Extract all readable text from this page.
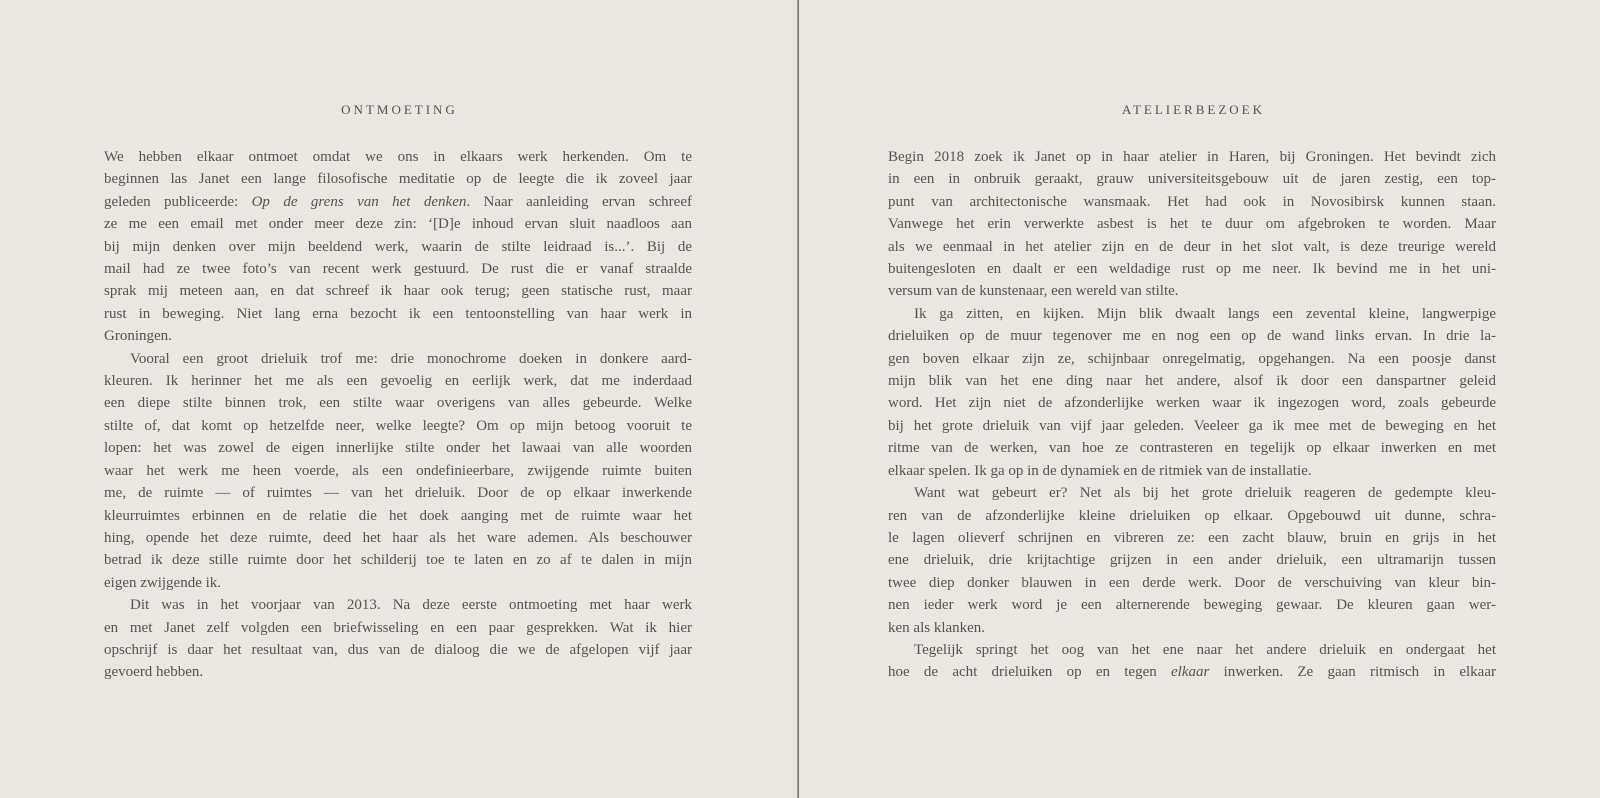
ONTMOETING
We hebben elkaar ontmoet omdat we ons in elkaars werk herkenden. Om te
beginnen las Janet een lange filosofische meditatie op de leegte die ik zoveel jaar
geleden publiceerde: Op de grens van het denken. Naar aanleiding ervan schreef
ze me een email met onder meer deze zin: ‘[D]e inhoud ervan sluit naadloos aan
bij mijn denken over mijn beeldend werk, waarin de stilte leidraad is...’. Bij de
mail had ze twee foto’s van recent werk gestuurd. De rust die er vanaf straalde
sprak mij meteen aan, en dat schreef ik haar ook terug; geen statische rust, maar
rust in beweging. Niet lang erna bezocht ik een tentoonstelling van haar werk in
Groningen.
Vooral een groot drieluik trof me: drie monochrome doeken in donkere aard-
kleuren. Ik herinner het me als een gevoelig en eerlijk werk, dat me inderdaad
een diepe stilte binnen trok, een stilte waar overigens van alles gebeurde. Welke
stilte of, dat komt op hetzelfde neer, welke leegte? Om op mijn betoog vooruit te
lopen: het was zowel de eigen innerlijke stilte onder het lawaai van alle woorden
waar het werk me heen voerde, als een ondefinieerbare, zwijgende ruimte buiten
me, de ruimte — of ruimtes — van het drieluik. Door de op elkaar inwerkende
kleurruimtes erbinnen en de relatie die het doek aanging met de ruimte waar het
hing, opende het deze ruimte, deed het haar als het ware ademen. Als beschouwer
betrad ik deze stille ruimte door het schilderij toe te laten en zo af te dalen in mijn
eigen zwijgende ik.
Dit was in het voorjaar van 2013. Na deze eerste ontmoeting met haar werk
en met Janet zelf volgden een briefwisseling en een paar gesprekken. Wat ik hier
opschrijf is daar het resultaat van, dus van de dialoog die we de afgelopen vijf jaar
gevoerd hebben.
ATELIERBEZOEK
Begin 2018 zoek ik Janet op in haar atelier in Haren, bij Groningen. Het bevindt zich
in een in onbruik geraakt, grauw universiteitsgebouw uit de jaren zestig, een top-
punt van architectonische wansmaak. Het had ook in Novosibirsk kunnen staan.
Vanwege het erin verwerkte asbest is het te duur om afgebroken te worden. Maar
als we eenmaal in het atelier zijn en de deur in het slot valt, is deze treurige wereld
buitengesloten en daalt er een weldadige rust op me neer. Ik bevind me in het uni-
versum van de kunstenaar, een wereld van stilte.
Ik ga zitten, en kijken. Mijn blik dwaalt langs een zevental kleine, langwerpige
drieluiken op de muur tegenover me en nog een op de wand links ervan. In drie la-
gen boven elkaar zijn ze, schijnbaar onregelmatig, opgehangen. Na een poosje danst
mijn blik van het ene ding naar het andere, alsof ik door een danspartner geleid
word. Het zijn niet de afzonderlijke werken waar ik ingezogen word, zoals gebeurde
bij het grote drieluik van vijf jaar geleden. Veeleer ga ik mee met de beweging en het
ritme van de werken, van hoe ze contrasteren en tegelijk op elkaar inwerken en met
elkaar spelen. Ik ga op in de dynamiek en de ritmiek van de installatie.
Want wat gebeurt er? Net als bij het grote drieluik reageren de gedempte kleu-
ren van de afzonderlijke kleine drieluiken op elkaar. Opgebouwd uit dunne, schra-
le lagen olieverf schrijnen en vibreren ze: een zacht blauw, bruin en grijs in het
ene drieluik, drie krijtachtige grijzen in een ander drieluik, een ultramarijn tussen
twee diep donker blauwen in een derde werk. Door de verschuiving van kleur bin-
nen ieder werk word je een alternerende beweging gewaar. De kleuren gaan wer-
ken als klanken.
Tegelijk springt het oog van het ene naar het andere drieluik en ondergaat het
hoe de acht drieluiken op en tegen elkaar inwerken. Ze gaan ritmisch in elkaar
